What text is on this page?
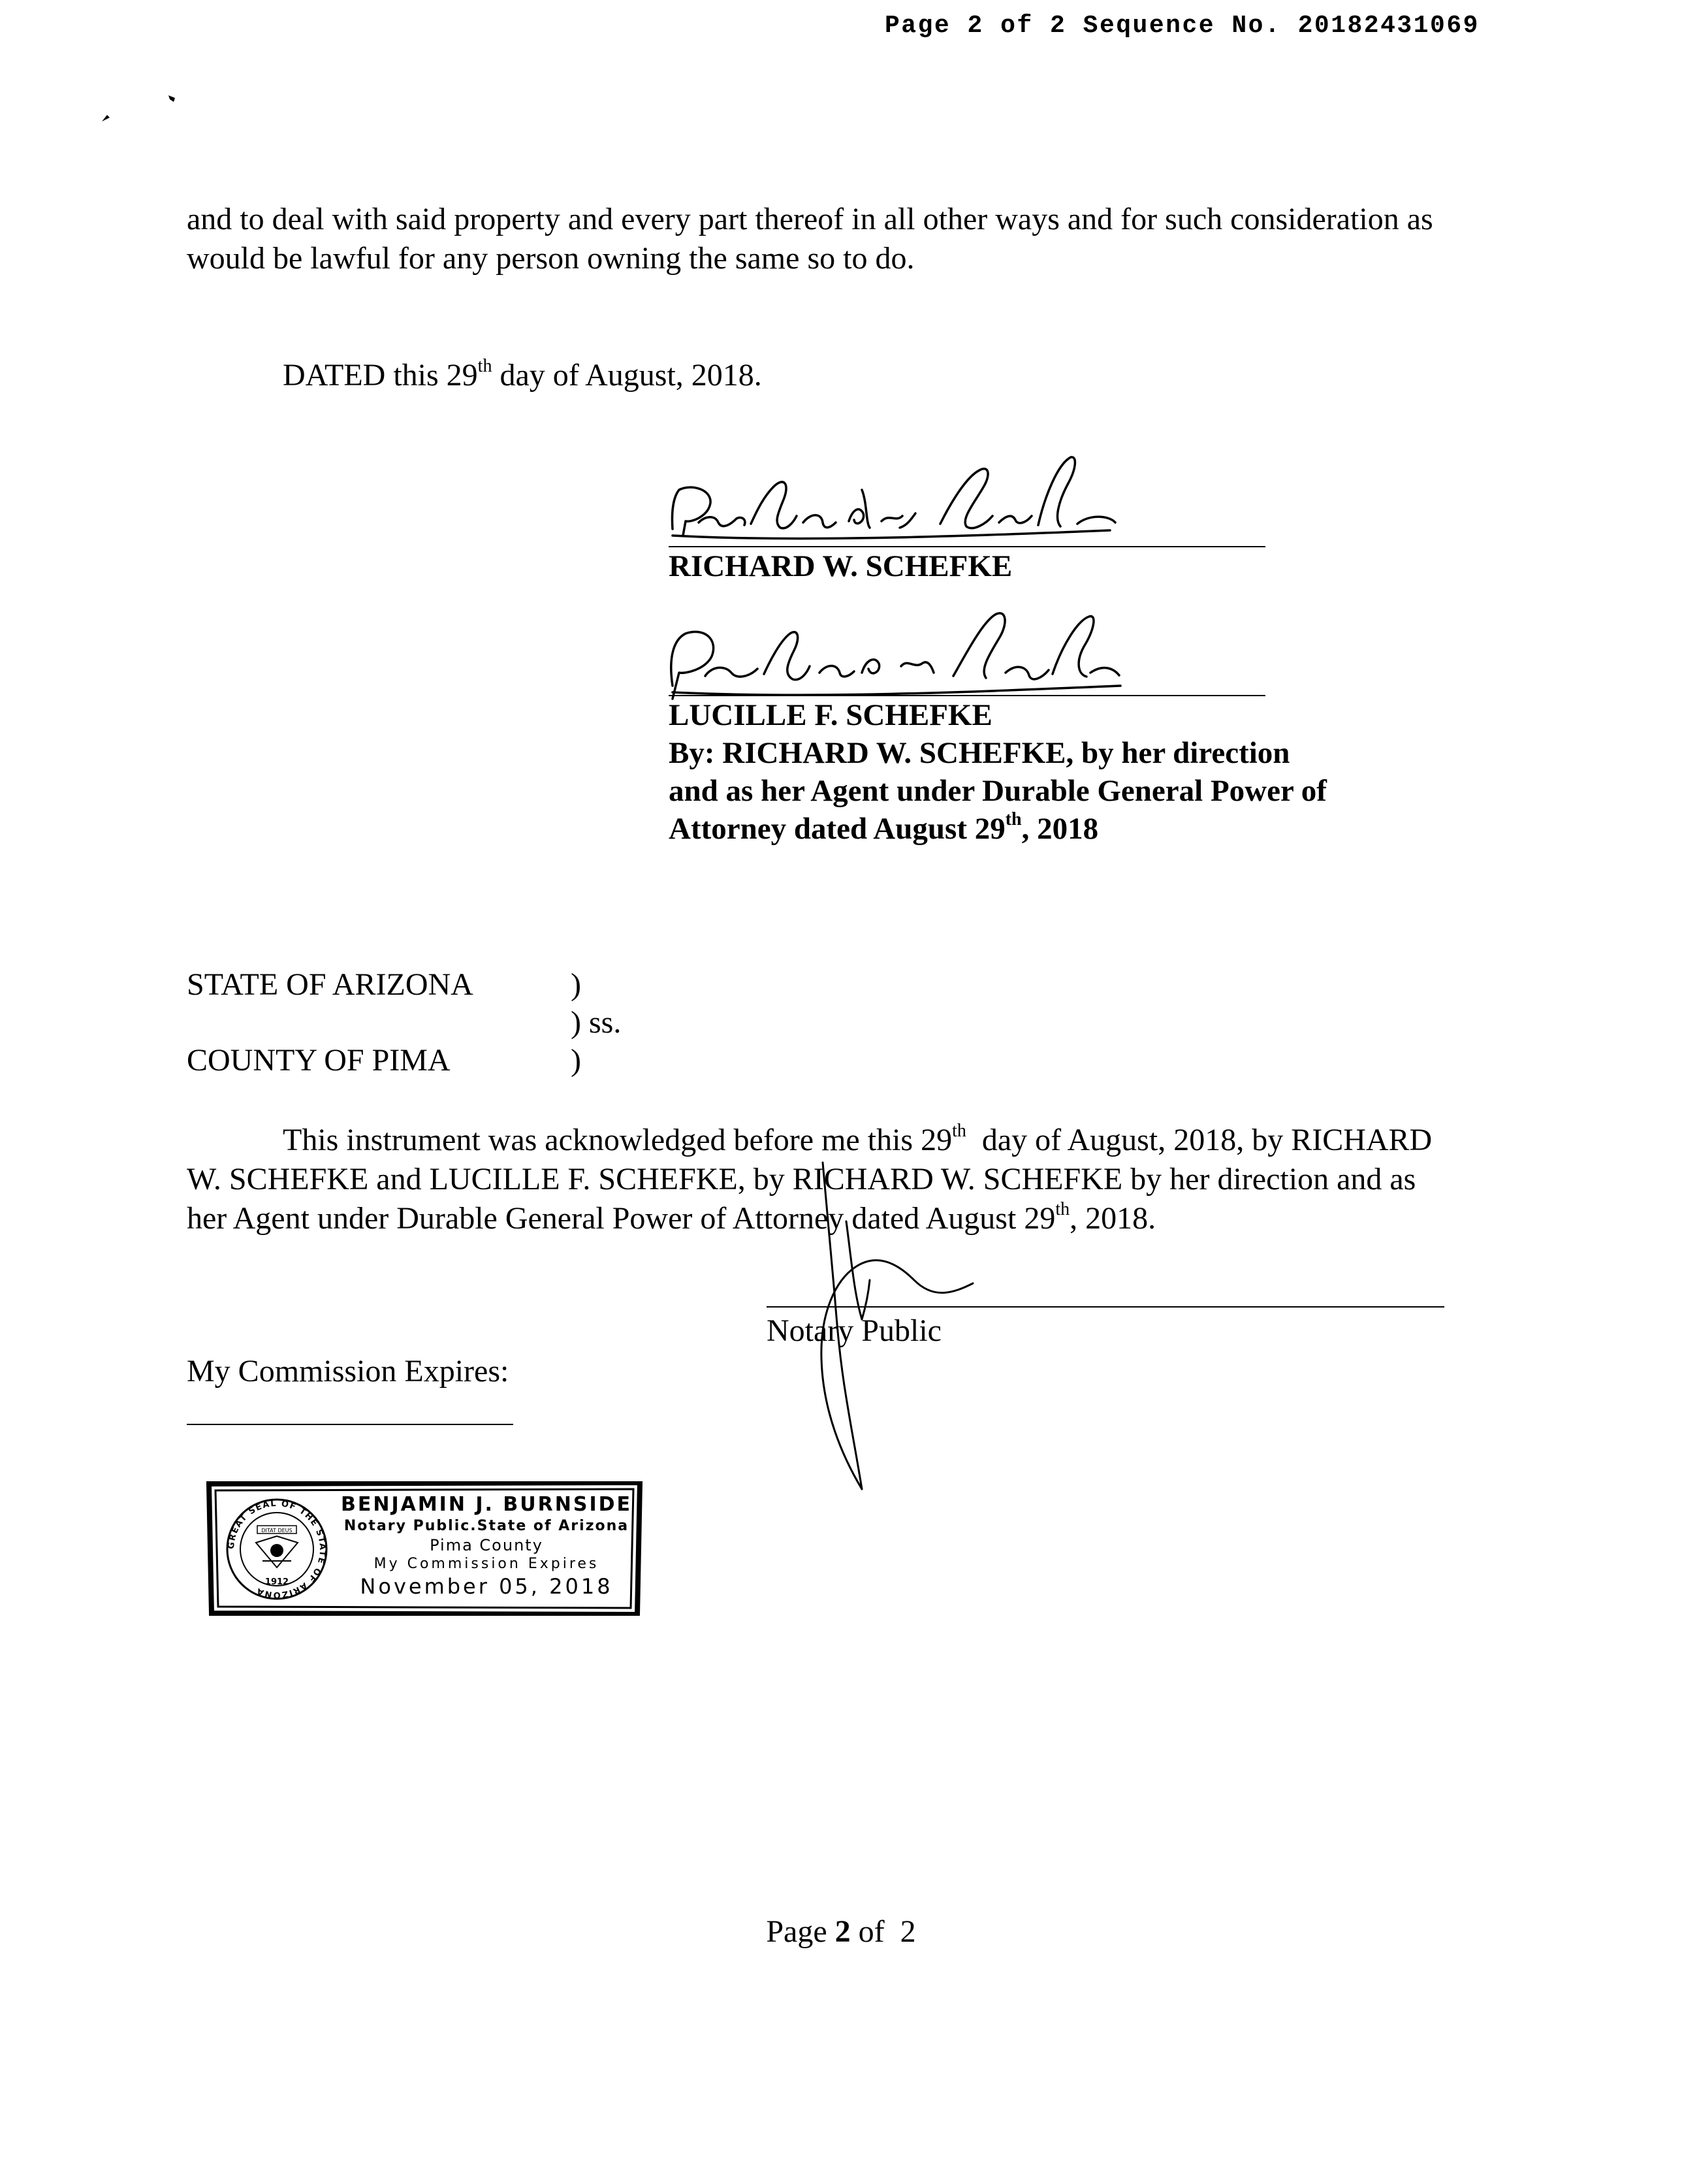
Page 2 of 2 Sequence No. 20182431069
and to deal with said property and every part thereof in all other ways and for such consideration as
would be lawful for any person owning the same so to do.
DATED this 29th day of August, 2018.
RICHARD W. SCHEFKE
LUCILLE F. SCHEFKE
By: RICHARD W. SCHEFKE, by her direction
and as her Agent under Durable General Power of
Attorney dated August 29th, 2018
STATE OF ARIZONA	)
) ss.
COUNTY OF PIMA	)
This instrument was acknowledged before me this 29th  day of August, 2018, by RICHARD
W. SCHEFKE and LUCILLE F. SCHEFKE, by RICHARD W. SCHEFKE by her direction and as
her Agent under Durable General Power of Attorney dated August 29th, 2018.
Notary Public
My Commission Expires:
GREAT SEAL OF THE STATE OF ARIZONA
DITAT DEUS
1912
BENJAMIN J. BURNSIDE
Notary Public.State of Arizona
Pima County
My Commission Expires
November 05, 2018
Page 2 of  2
